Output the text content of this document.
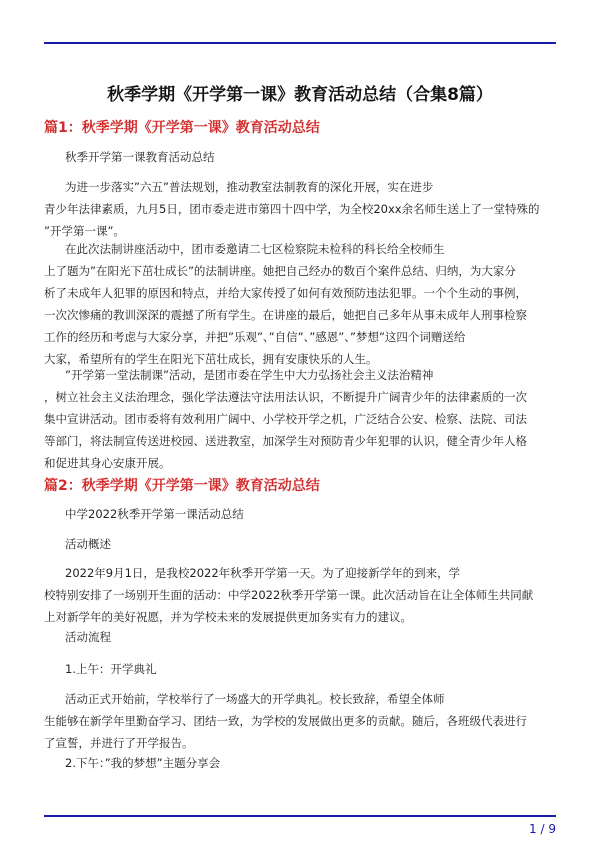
秋季学期《开学第一课》教育活动总结（合集8篇）
篇1：秋季学期《开学第一课》教育活动总结
秋季开学第一课教育活动总结
为进一步落实”六五”普法规划，推动教室法制教育的深化开展，实在进步
青少年法律素质，九月5日，团市委走进市第四十四中学，为全校20xx余名师生送上了一堂特殊的
”开学第一课”。
在此次法制讲座活动中，团市委邀请二七区检察院未检科的科长给全校师生
上了题为”在阳光下茁壮成长”的法制讲座。她把自己经办的数百个案件总结、归纳，为大家分
析了未成年人犯罪的原因和特点，并给大家传授了如何有效预防违法犯罪。一个个生动的事例，
一次次惨痛的教训深深的震撼了所有学生。在讲座的最后，她把自己多年从事未成年人刑事检察
工作的经历和考虑与大家分享，并把”乐观”、”自信”、”感恩”、”梦想”这四个词赠送给
大家，希望所有的学生在阳光下茁壮成长，拥有安康快乐的人生。
”开学第一堂法制课”活动，是团市委在学生中大力弘扬社会主义法治精神
，树立社会主义法治理念，强化学法遵法守法用法认识，不断提升广阔青少年的法律素质的一次
集中宣讲活动。团市委将有效利用广阔中、小学校开学之机，广泛结合公安、检察、法院、司法
等部门，将法制宣传送进校园、送进教室，加深学生对预防青少年犯罪的认识，健全青少年人格
和促进其身心安康开展。
篇2：秋季学期《开学第一课》教育活动总结
中学2022秋季开学第一课活动总结
活动概述
2022年9月1日，是我校2022年秋季开学第一天。为了迎接新学年的到来，学
校特别安排了一场别开生面的活动：中学2022秋季开学第一课。此次活动旨在让全体师生共同献
上对新学年的美好祝愿，并为学校未来的发展提供更加务实有力的建议。
活动流程
1.上午：开学典礼
活动正式开始前，学校举行了一场盛大的开学典礼。校长致辞，希望全体师
生能够在新学年里勤奋学习、团结一致，为学校的发展做出更多的贡献。随后，各班级代表进行
了宣誓，并进行了开学报告。
2.下午：”我的梦想”主题分享会
1 / 9
